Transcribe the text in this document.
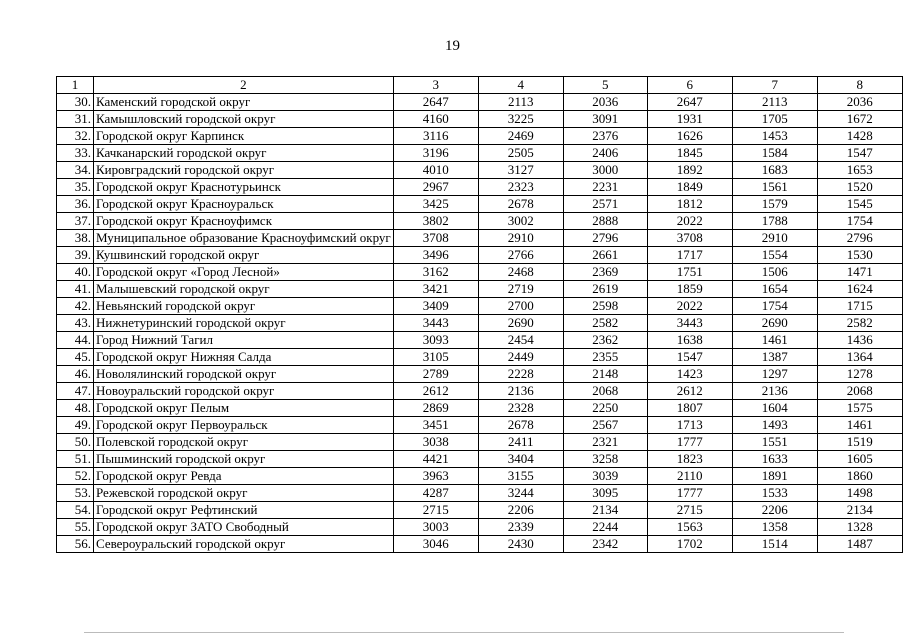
19
1	2	3	4	5	6	7	8
30.	Каменский городской округ	2647	2113	2036	2647	2113	2036
31.	Камышловский городской округ	4160	3225	3091	1931	1705	1672
32.	Городской округ Карпинск	3116	2469	2376	1626	1453	1428
33.	Качканарский городской округ	3196	2505	2406	1845	1584	1547
34.	Кировградский городской округ	4010	3127	3000	1892	1683	1653
35.	Городской округ Краснотурьинск	2967	2323	2231	1849	1561	1520
36.	Городской округ Красноуральск	3425	2678	2571	1812	1579	1545
37.	Городской округ Красноуфимск	3802	3002	2888	2022	1788	1754
38.	Муниципальное образование Красноуфимский округ	3708	2910	2796	3708	2910	2796
39.	Кушвинский городской округ	3496	2766	2661	1717	1554	1530
40.	Городской округ «Город Лесной»	3162	2468	2369	1751	1506	1471
41.	Малышевский городской округ	3421	2719	2619	1859	1654	1624
42.	Невьянский городской округ	3409	2700	2598	2022	1754	1715
43.	Нижнетуринский городской округ	3443	2690	2582	3443	2690	2582
44.	Город Нижний Тагил	3093	2454	2362	1638	1461	1436
45.	Городской округ Нижняя Салда	3105	2449	2355	1547	1387	1364
46.	Новолялинский городской округ	2789	2228	2148	1423	1297	1278
47.	Новоуральский городской округ	2612	2136	2068	2612	2136	2068
48.	Городской округ Пелым	2869	2328	2250	1807	1604	1575
49.	Городской округ Первоуральск	3451	2678	2567	1713	1493	1461
50.	Полевской городской округ	3038	2411	2321	1777	1551	1519
51.	Пышминский городской округ	4421	3404	3258	1823	1633	1605
52.	Городской округ Ревда	3963	3155	3039	2110	1891	1860
53.	Режевской городской округ	4287	3244	3095	1777	1533	1498
54.	Городской округ Рефтинский	2715	2206	2134	2715	2206	2134
55.	Городской округ ЗАТО Свободный	3003	2339	2244	1563	1358	1328
56.	Североуральский городской округ	3046	2430	2342	1702	1514	1487
